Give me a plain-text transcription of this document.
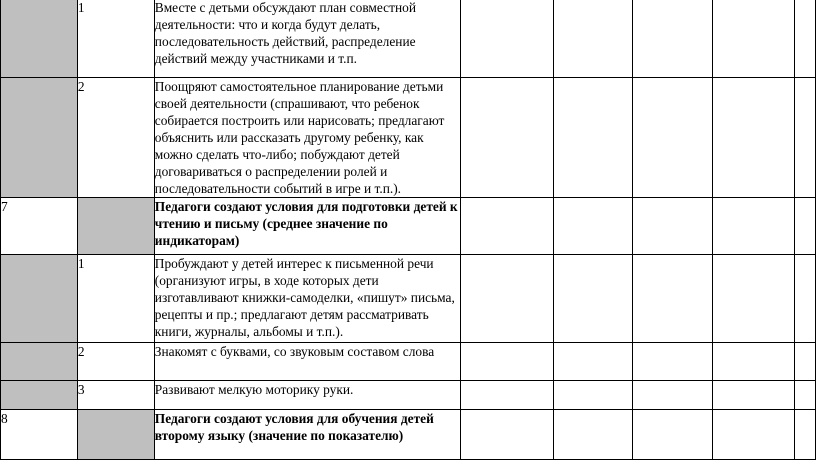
	1	Вместе с детьми обсуждают план совместной деятельности: что и когда будут делать, последовательность действий, распределение действий между участниками и т.п.					
	2	Поощряют самостоятельное планирование детьми своей деятельности (спрашивают, что ребенок собирается построить или нарисовать; предлагают объяснить или рассказать другому ребенку, как можно сделать что-либо; побуждают детей договариваться о распределении ролей и последовательности событий в игре и т.п.).					
7		Педагоги создают условия для подготовки детей к чтению и письму (среднее значение по индикаторам)					
	1	Пробуждают у детей интерес к письменной речи (организуют игры, в ходе которых дети изготавливают книжки-самоделки, «пишут» письма, рецепты и пр.; предлагают детям рассматривать книги, журналы, альбомы и т.п.).					
	2	Знакомят с буквами, со звуковым составом слова					
	3	Развивают мелкую моторику руки.					
8		Педагоги создают условия для обучения детей второму языку (значение по показателю)					
